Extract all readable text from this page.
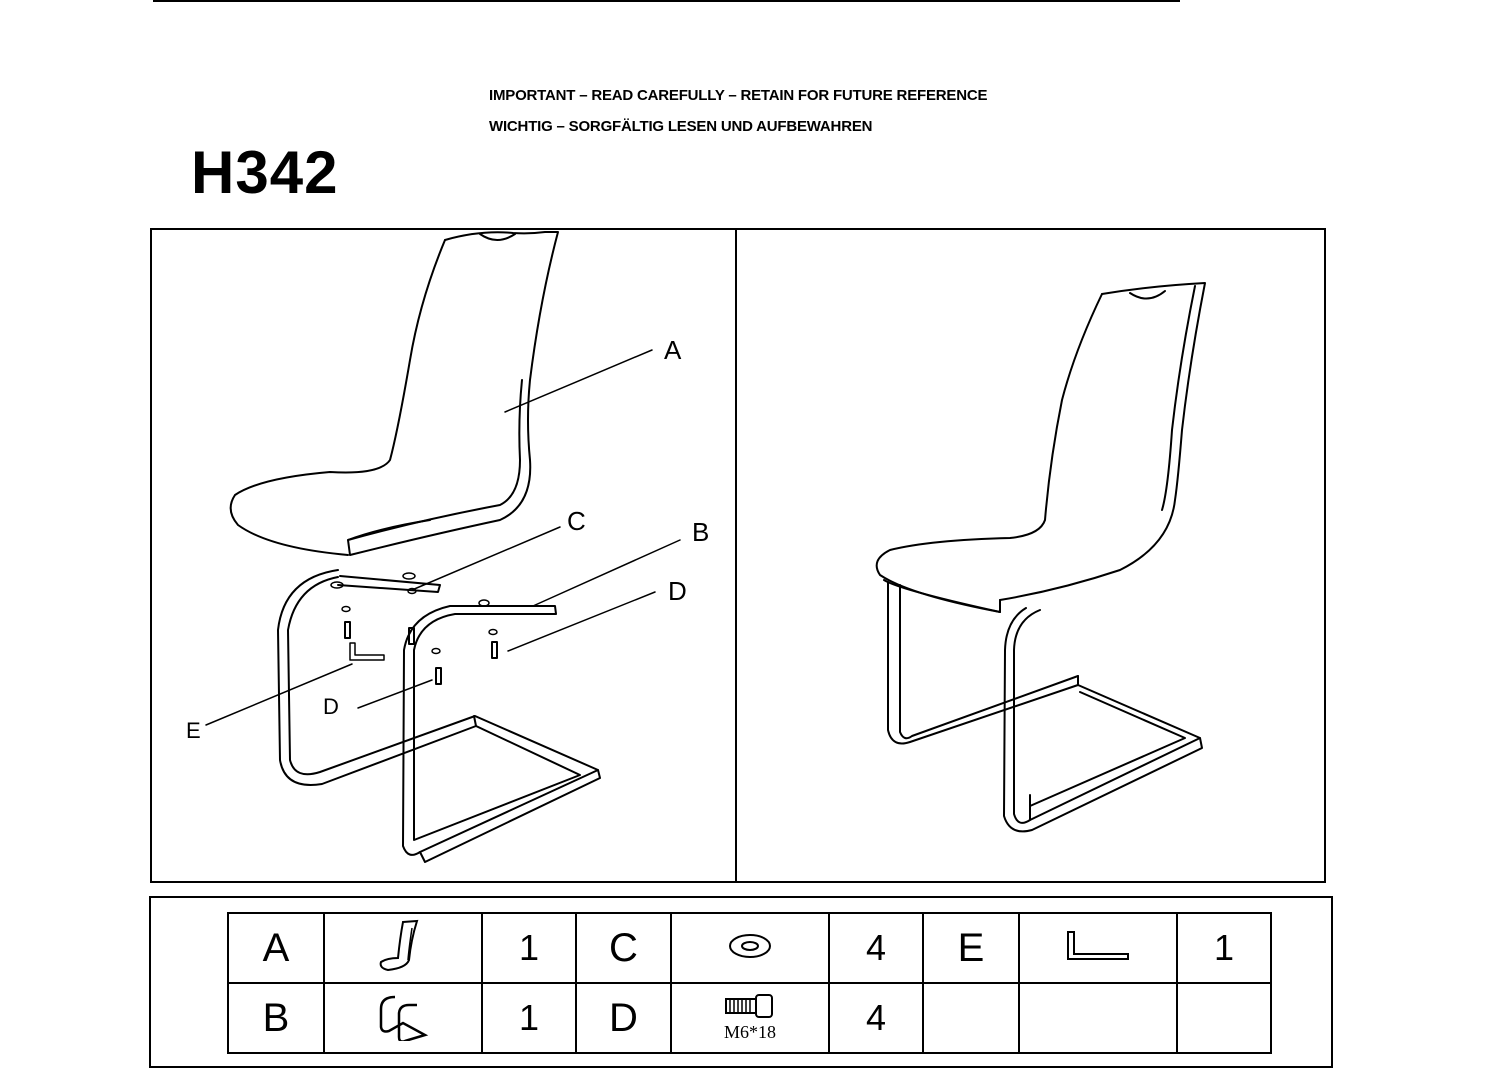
IMPORTANT – READ CAREFULLY – RETAIN FOR FUTURE REFERENCE
WICHTIG – SORGFÄLTIG LESEN UND AUFBEWAHREN
H342
A
C	B
D
E
D
A		1	C		4	E		1
B		1	D	M6*18	4			
